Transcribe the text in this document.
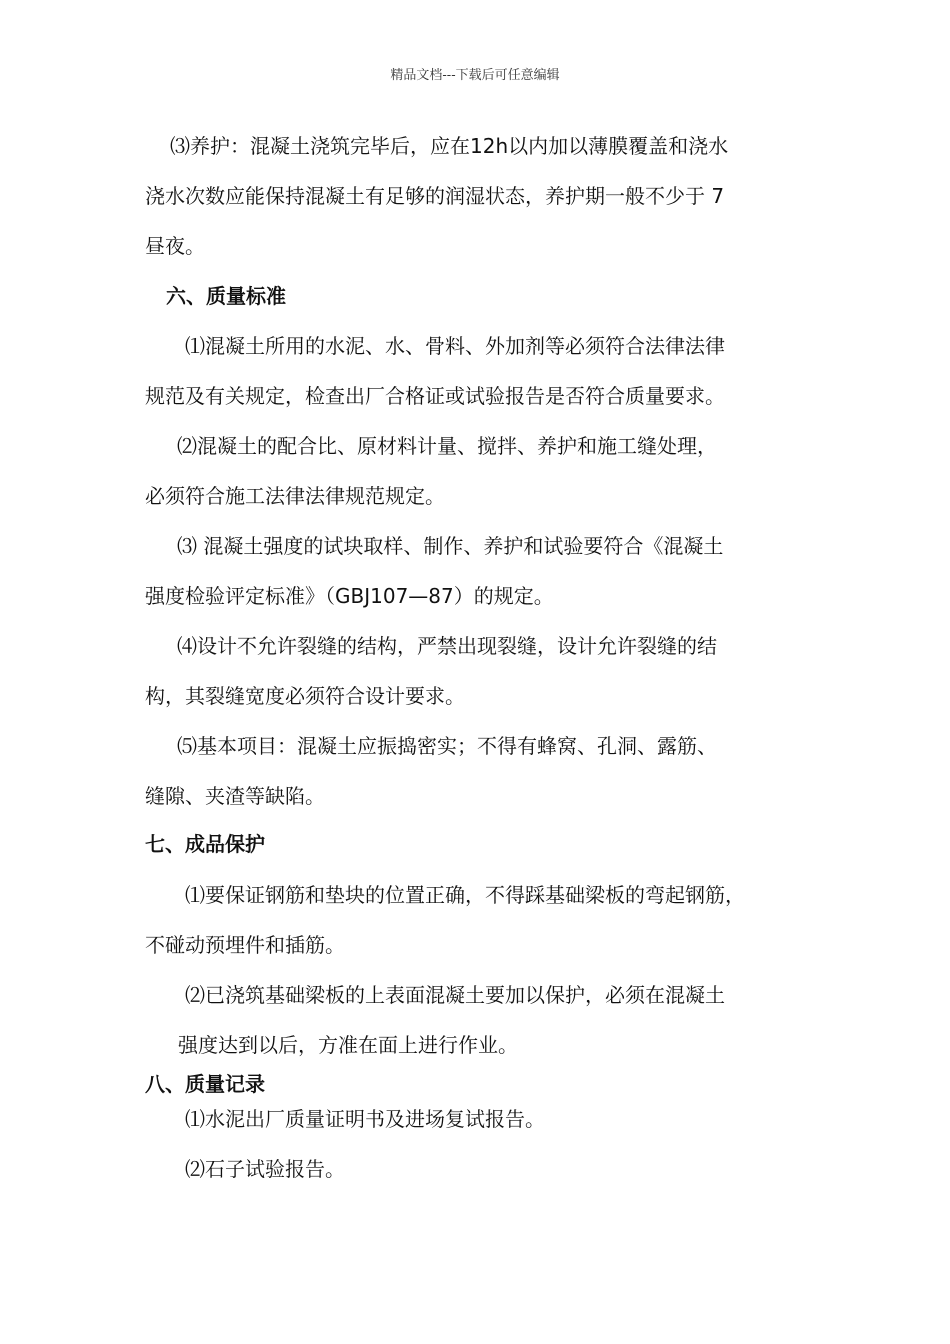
精品文档---下载后可任意编辑
⑶养护：混凝土浇筑完毕后，应在12h以内加以薄膜覆盖和浇水
浇水次数应能保持混凝土有足够的润湿状态，养护期一般不少于 7
昼夜。
六、质量标准
⑴混凝土所用的水泥、水、骨料、外加剂等必须符合法律法律
规范及有关规定，检查出厂合格证或试验报告是否符合质量要求。
⑵混凝土的配合比、原材料计量、搅拌、养护和施工缝处理，
必须符合施工法律法律规范规定。
⑶ 混凝土强度的试块取样、制作、养护和试验要符合《混凝土
强度检验评定标准》（GBJ107—87）的规定。
⑷设计不允许裂缝的结构，严禁出现裂缝，设计允许裂缝的结
构，其裂缝宽度必须符合设计要求。
⑸基本项目：混凝土应振捣密实；不得有蜂窝、孔洞、露筋、
缝隙、夹渣等缺陷。
七、成品保护
⑴要保证钢筋和垫块的位置正确，不得踩基础梁板的弯起钢筋，
不碰动预埋件和插筋。
⑵已浇筑基础梁板的上表面混凝土要加以保护，必须在混凝土
强度达到以后，方准在面上进行作业。
八、质量记录
⑴水泥出厂质量证明书及进场复试报告。
⑵石子试验报告。
